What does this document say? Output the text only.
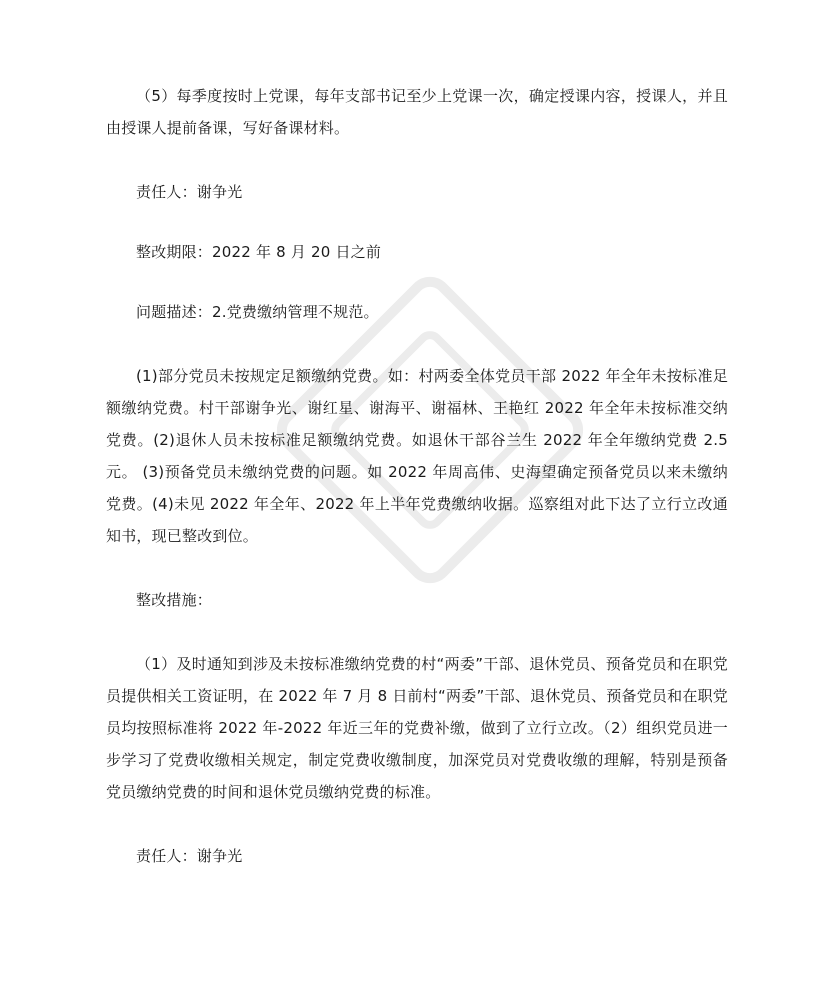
（5）每季度按时上党课，每年支部书记至少上党课一次，确定授课内容，授课人，并且由授课人提前备课，写好备课材料。

责任人：谢争光

整改期限：2022 年 8 月 20 日之前

问题描述：2.党费缴纳管理不规范。

(1)部分党员未按规定足额缴纳党费。如：村两委全体党员干部 2022 年全年未按标准足额缴纳党费。村干部谢争光、谢红星、谢海平、谢福林、王艳红 2022 年全年未按标准交纳党费。(2)退休人员未按标准足额缴纳党费。如退休干部谷兰生 2022 年全年缴纳党费 2.5 元。 (3)预备党员未缴纳党费的问题。如 2022 年周高伟、史海望确定预备党员以来未缴纳党费。(4)未见 2022 年全年、2022 年上半年党费缴纳收据。巡察组对此下达了立行立改通知书，现已整改到位。

整改措施：

（1）及时通知到涉及未按标准缴纳党费的村“两委”干部、退休党员、预备党员和在职党员提供相关工资证明，在 2022 年 7 月 8 日前村“两委”干部、退休党员、预备党员和在职党员均按照标准将 2022 年-2022 年近三年的党费补缴，做到了立行立改。（2）组织党员进一步学习了党费收缴相关规定，制定党费收缴制度，加深党员对党费收缴的理解，特别是预备党员缴纳党费的时间和退休党员缴纳党费的标准。

责任人：谢争光
